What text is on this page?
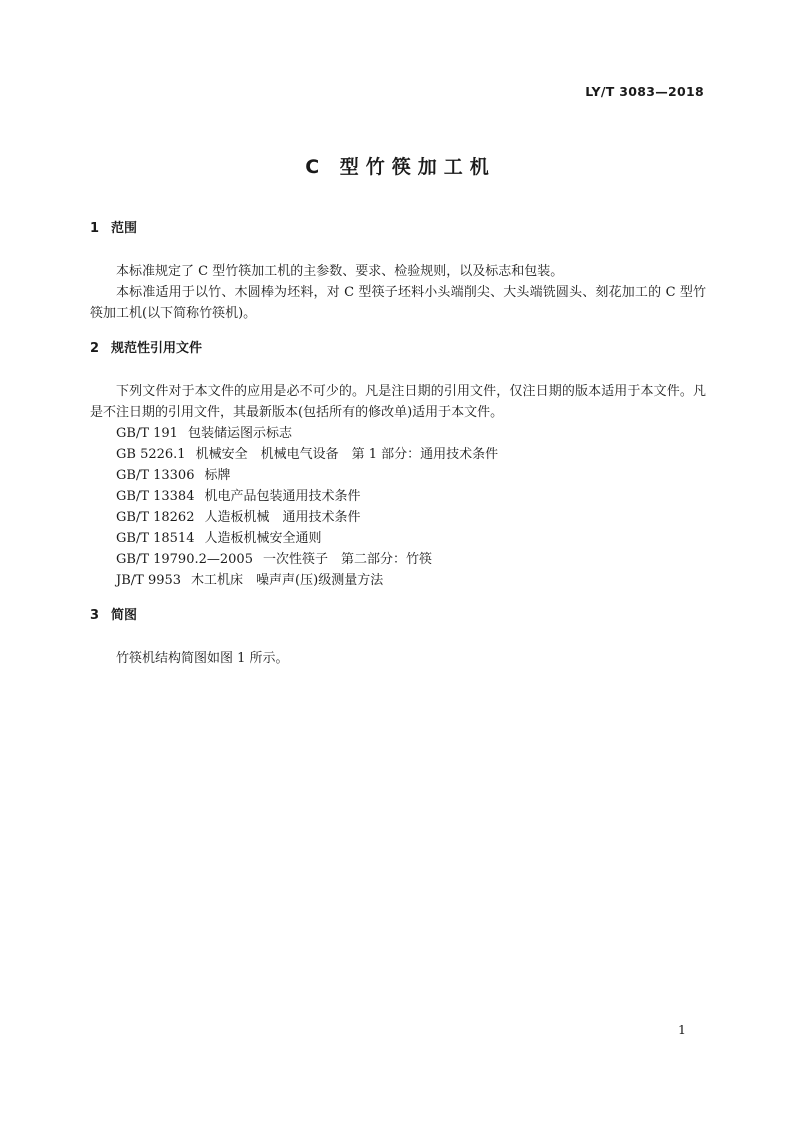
LY/T 3083—2018
C 型竹筷加工机
1 范围

本标准规定了 C 型竹筷加工机的主参数、要求、检验规则，以及标志和包装。

本标准适用于以竹、木圆棒为坯料，对 C 型筷子坯料小头端削尖、大头端铣圆头、刻花加工的 C 型竹筷加工机(以下简称竹筷机)。

2 规范性引用文件

下列文件对于本文件的应用是必不可少的。凡是注日期的引用文件，仅注日期的版本适用于本文件。凡是不注日期的引用文件，其最新版本(包括所有的修改单)适用于本文件。

GB/T 191 包装储运图示标志

GB 5226.1 机械安全　机械电气设备　第 1 部分：通用技术条件

GB/T 13306 标牌

GB/T 13384 机电产品包装通用技术条件

GB/T 18262 人造板机械　通用技术条件

GB/T 18514 人造板机械安全通则

GB/T 19790.2—2005 一次性筷子　第二部分：竹筷

JB/T 9953 木工机床　噪声声(压)级测量方法

3 简图

竹筷机结构简图如图 1 所示。

1
